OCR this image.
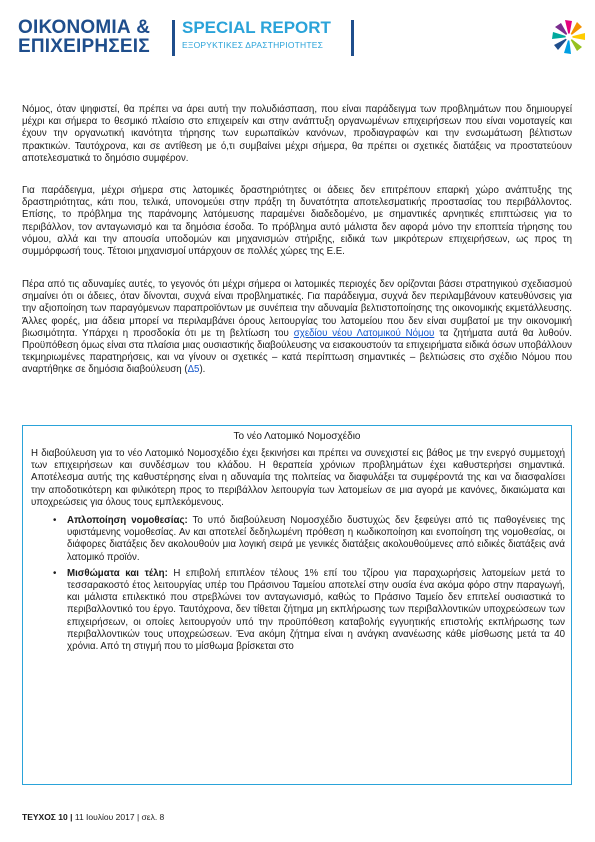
ΟΙΚΟΝΟΜΙΑ &
ΕΠΙΧΕΙΡΗΣΕΙΣ
SPECIAL REPORT
ΕΞΟΡΥΚΤΙΚΕΣ ΔΡΑΣΤΗΡΙΟΤΗΤΕΣ
Νόμος, όταν ψηφιστεί, θα πρέπει να άρει αυτή την πολυδιάσπαση, που είναι παράδειγμα των προβλημάτων που δημιουργεί μέχρι και σήμερα το θεσμικό πλαίσιο στο επιχειρείν και στην ανάπτυξη οργανωμένων επιχειρήσεων που είναι νομοταγείς και έχουν την οργανωτική ικανότητα τήρησης των ευρωπαϊκών κανόνων, προδιαγραφών και την ενσωμάτωση βέλτιστων πρακτικών. Ταυτόχρονα, και σε αντίθεση με ό,τι συμβαίνει μέχρι σήμερα, θα πρέπει οι σχετικές διατάξεις να προστατεύουν αποτελεσματικά το δημόσιο συμφέρον.
Για παράδειγμα, μέχρι σήμερα στις λατομικές δραστηριότητες οι άδειες δεν επιτρέπουν επαρκή χώρο ανάπτυξης της δραστηριότητας, κάτι που, τελικά, υπονομεύει στην πράξη τη δυνατότητα αποτελεσματικής προστασίας του περιβάλλοντος. Επίσης, το πρόβλημα της παράνομης λατόμευσης παραμένει διαδεδομένο, με σημαντικές αρνητικές επιπτώσεις για το περιβάλλον, τον ανταγωνισμό και τα δημόσια έσοδα. Το πρόβλημα αυτό μάλιστα δεν αφορά μόνο την εποπτεία τήρησης του νόμου, αλλά και την απουσία υποδομών και μηχανισμών στήριξης, ειδικά των μικρότερων επιχειρήσεων, ως προς τη συμμόρφωσή τους. Τέτοιοι μηχανισμοί υπάρχουν σε πολλές χώρες της Ε.Ε.
Πέρα από τις αδυναμίες αυτές, το γεγονός ότι μέχρι σήμερα οι λατομικές περιοχές δεν ορίζονται βάσει στρατηγικού σχεδιασμού σημαίνει ότι οι άδειες, όταν δίνονται, συχνά είναι προβληματικές. Για παράδειγμα, συχνά δεν περιλαμβάνουν κατευθύνσεις για την αξιοποίηση των παραγόμενων παραπροϊόντων με συνέπεια την αδυναμία βελτιστοποίησης της οικονομικής εκμετάλλευσης. Άλλες φορές, μια άδεια μπορεί να περιλαμβάνει όρους λειτουργίας του λατομείου που δεν είναι συμβατοί με την οικονομική βιωσιμότητα. Υπάρχει η προσδοκία ότι με τη βελτίωση του σχεδίου νέου Λατομικού Νόμου τα ζητήματα αυτά θα λυθούν. Προϋπόθεση όμως είναι στα πλαίσια μιας ουσιαστικής διαβούλευσης να εισακουστούν τα επιχειρήματα ειδικά όσων υποβάλλουν τεκμηριωμένες παρατηρήσεις, και να γίνουν οι σχετικές – κατά περίπτωση σημαντικές – βελτιώσεις στο σχέδιο Νόμου που αναρτήθηκε σε δημόσια διαβούλευση (Δ5).
Το νέο Λατομικό Νομοσχέδιο
Η διαβούλευση για το νέο Λατομικό Νομοσχέδιο έχει ξεκινήσει και πρέπει να συνεχιστεί εις βάθος με την ενεργό συμμετοχή των επιχειρήσεων και συνδέσμων του κλάδου. Η θεραπεία χρόνιων προβλημάτων έχει καθυστερήσει σημαντικά. Αποτέλεσμα αυτής της καθυστέρησης είναι η αδυναμία της πολιτείας να διαφυλάξει τα συμφέροντά της και να διασφαλίσει την αποδοτικότερη και φιλικότερη προς το περιβάλλον λειτουργία των λατομείων σε μια αγορά με κανόνες, δικαιώματα και υποχρεώσεις για όλους τους εμπλεκόμενους.
• Απλοποίηση νομοθεσίας: Το υπό διαβούλευση Νομοσχέδιο δυστυχώς δεν ξεφεύγει από τις παθογένειες της υφιστάμενης νομοθεσίας. Αν και αποτελεί δεδηλωμένη πρόθεση η κωδικοποίηση και ενοποίηση της νομοθεσίας, οι διάφορες διατάξεις δεν ακολουθούν μια λογική σειρά με γενικές διατάξεις ακολουθούμενες από ειδικές διατάξεις ανά λατομικό προϊόν.
• Μισθώματα και τέλη: Η επιβολή επιπλέον τέλους 1% επί του τζίρου για παραχωρήσεις λατομείων μετά το τεσσαρακοστό έτος λειτουργίας υπέρ του Πράσινου Ταμείου αποτελεί στην ουσία ένα ακόμα φόρο στην παραγωγή, και μάλιστα επιλεκτικό που στρεβλώνει τον ανταγωνισμό, καθώς το Πράσινο Ταμείο δεν επιτελεί ουσιαστικά το περιβαλλοντικό του έργο. Ταυτόχρονα, δεν τίθεται ζήτημα μη εκπλήρωσης των περιβαλλοντικών υποχρεώσεων των επιχειρήσεων, οι οποίες λειτουργούν υπό την προϋπόθεση καταβολής εγγυητικής επιστολής εκπλήρωσης των περιβαλλοντικών τους υποχρεώσεων. Ένα ακόμη ζήτημα είναι η ανάγκη ανανέωσης κάθε μίσθωσης μετά τα 40 χρόνια. Από τη στιγμή που το μίσθωμα βρίσκεται στο
ΤΕΥΧΟΣ 10 | 11 Ιουλίου 2017 | σελ. 8
